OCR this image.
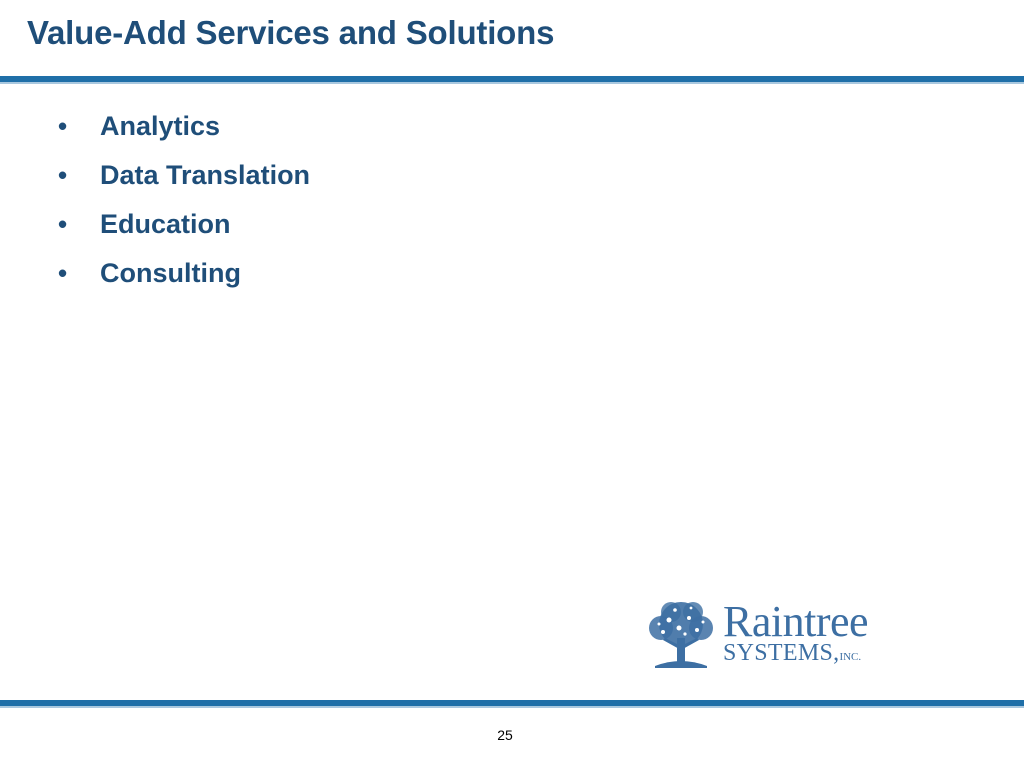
Value-Add Services and Solutions
•	Analytics
•	Data Translation
•	Education
•	Consulting
Raintree
SYSTEMS,INC.
25
